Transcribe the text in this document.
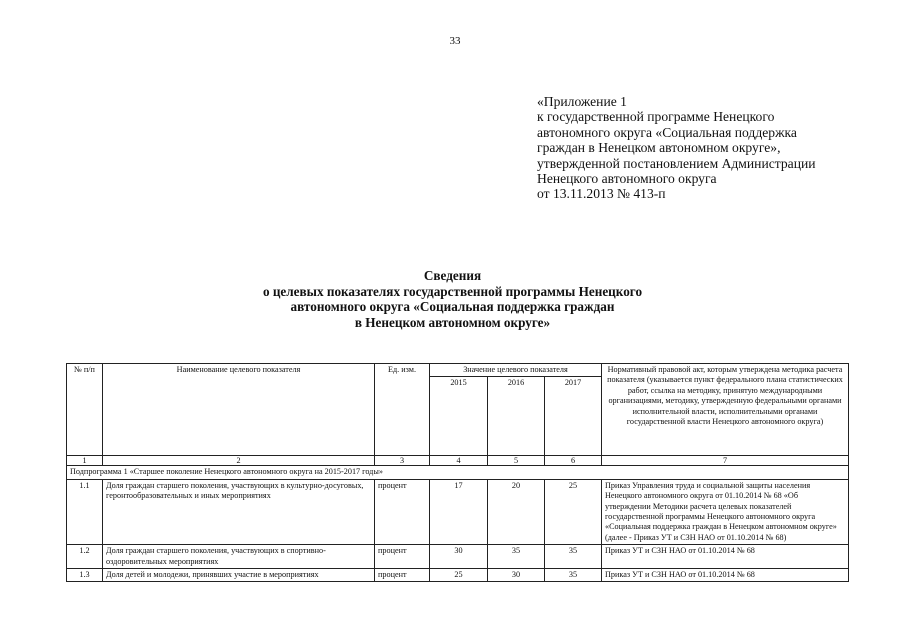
33
«Приложение 1
к государственной программе Ненецкого
автономного округа «Социальная поддержка
граждан в Ненецком автономном округе»,
утвержденной постановлением Администрации
Ненецкого автономного округа
от 13.11.2013 № 413-п
Сведения
о целевых показателях государственной программы Ненецкого
автономного округа «Социальная поддержка граждан
в Ненецком автономном округе»
№ п/п	Наименование целевого показателя	Ед. изм.	Значение целевого показателя			Нормативный правовой акт, которым утверждена методика расчета показателя (указывается пункт федерального плана статистических работ, ссылка на методику, принятую международными организациями, методику, утвержденную федеральными органами исполнительной власти, исполнительными органами государственной власти Ненецкого автономного округа)
			2015	2016	2017	
1	2	3	4	5	6	7
Подпрограмма 1 «Старшее поколение Ненецкого автономного округа на 2015-2017 годы»						
1.1	Доля граждан старшего поколения, участвующих в культурно-досуговых, геронтообразовательных и иных мероприятиях	процент	17	20	25	Приказ Управления труда и социальной защиты населения Ненецкого автономного округа от 01.10.2014 № 68 «Об утверждении Методики расчета целевых показателей государственной программы Ненецкого автономного округа «Социальная поддержка граждан в Ненецком автономном округе» (далее - Приказ УТ и СЗН НАО от 01.10.2014 № 68)
1.2	Доля граждан старшего поколения, участвующих в спортивно-оздоровительных мероприятиях	процент	30	35	35	Приказ УТ и СЗН НАО от 01.10.2014 № 68
1.3	Доля детей и молодежи, принявших участие в мероприятиях	процент	25	30	35	Приказ УТ и СЗН НАО от 01.10.2014 № 68
